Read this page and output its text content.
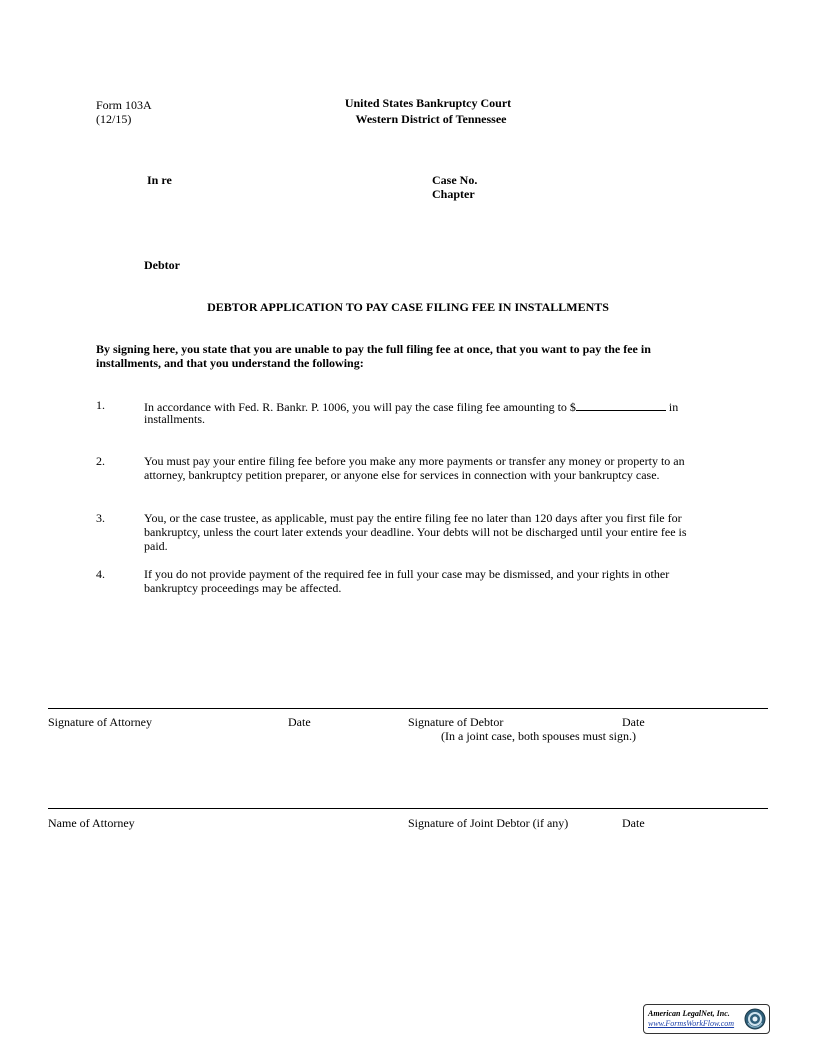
Form 103A
(12/15)
United States Bankruptcy Court
Western District of Tennessee
In re	Case No.
Chapter
Debtor
DEBTOR APPLICATION TO PAY CASE FILING FEE IN INSTALLMENTS
By signing here, you state that you are unable to pay the full filing fee at once, that you want to pay the fee in
installments, and that you understand the following:
1.	In accordance with Fed. R. Bankr. P. 1006, you will pay the case filing fee amounting to $	in
installments.
2.	You must pay your entire filing fee before you make any more payments or transfer any money or property to an
attorney, bankruptcy petition preparer, or anyone else for services in connection with your bankruptcy case.
3.	You, or the case trustee, as applicable, must pay the entire filing fee no later than 120 days after you first file for
bankruptcy, unless the court later extends your deadline. Your debts will not be discharged until your entire fee is
paid.
4.	If you do not provide payment of the required fee in full your case may be dismissed, and your rights in other
bankruptcy proceedings may be affected.
Signature of Attorney	Date	Signature of Debtor	Date
(In a joint case, both spouses must sign.)
Name of Attorney	Signature of Joint Debtor (if any)	Date
American LegalNet, Inc.
www.FormsWorkFlow.com
